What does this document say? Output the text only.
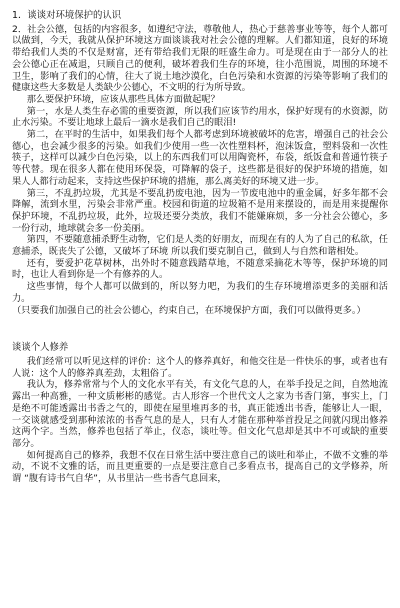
1．谈谈对环境保护的认识

2．社会公德，包括的内容很多，如遵纪守法，尊敬他人，热心于慈善事业等等，每个人都可以做到，今天，我就从保护环境这方面谈谈我对社会公德的理解。人们都知道，良好的环境带给我们人类的不仅是财富，还有带给我们无限的旺盛生命力。可是现在由于一部分人的社会公德心正在减退，只顾自己的便利，破坏着我们生存的环境，往小范围说，周围的环境不卫生，影响了我们的心情，往大了说土地沙漠化，白色污染和水资源的污染等影响了我们的健康这些大多数是人类缺少公德心，不文明的行为所导致。

那么要保护环境，应该从那些具体方面做起呢？

第一，水是人类生存必需的重要资源，所以我们应该节约用水，保护好现有的水资源，防止水污染。不要让地球上最后一滴水是我们自己的眼泪!

第二，在平时的生活中，如果我们每个人都考虑到环境被破坏的危害，增强自己的社会公德心，也会减少很多的污染。如我们少使用一些一次性塑料杯，泡沫饭盒，塑料袋和一次性筷子，这样可以减少白色污染，以上的东西我们可以用陶瓷杯，布袋，纸饭盒和普通竹筷子等代替。现在很多人都在使用环保袋，可降解的袋子，这些都是很好的保护环境的措施，如果人人都行动起来，支持这些保护环境的措施，那么离美好的环境又进一步。

第三，不乱扔垃圾，尤其是不要乱扔废电池，因为一节废电池中的重金属，好多年都不会降解，流到水里，污染会非常严重。校园和街道的垃圾箱不是用来摆设的，而是用来提醒你保护环境，不乱扔垃圾，此外，垃圾还要分类放，我们不能嫌麻烦，多一分社会公德心，多一份行动，地球就会多一份美丽。

第四，不要随意捕杀野生动物，它们是人类的好朋友，而现在有的人为了自己的私欲，任意捕杀，既丧失了公德，又破坏了环境 所以我们要克制自己，做到人与自然和谐相处。

还有，要爱护花草树林，出外时不随意践踏草地，不随意采摘花木等等，保护环境的同时，也让人看到你是一个有修养的人。

这些事情，每个人都可以做到的，所以努力吧，为我们的生存环境增添更多的美丽和活力。

（只要我们加强自己的社会公德心，约束自己，在环境保护方面，我们可以做得更多。）

谈谈个人修养

我们经常可以听见这样的评价：这个人的修养真好，和他交往是一件快乐的事，或者也有人说：这个人的修养真差劲，太粗俗了。

我认为，修养常常与个人的文化水平有关，有文化气息的人，在举手投足之间，自然地流露出一种高雅，一种文质彬彬的感觉。古人形容一个世代文人之家为书香门第，事实上，门是绝不可能透露出书香之气的，即使在屋里堆再多的书，真正能透出书香，能够让人一眼，一交谈就感受到那种浓浓的书香气息的是人，只有人才能在那种举首投足之间就闪现出修养这两个字。当然，修养也包括了举止，仪态，谈吐等。但文化气息却是其中不可或缺的重要部分。

如何提高自己的修养，我想不仅在日常生活中要注意自己的谈吐和举止，不做不文雅的举动，不说不文雅的话，而且更重要的一点是要注意自己多看点书，提高自己的文学修养，所谓 “腹有诗书气自华”，从书里沾一些书香气息回来，
